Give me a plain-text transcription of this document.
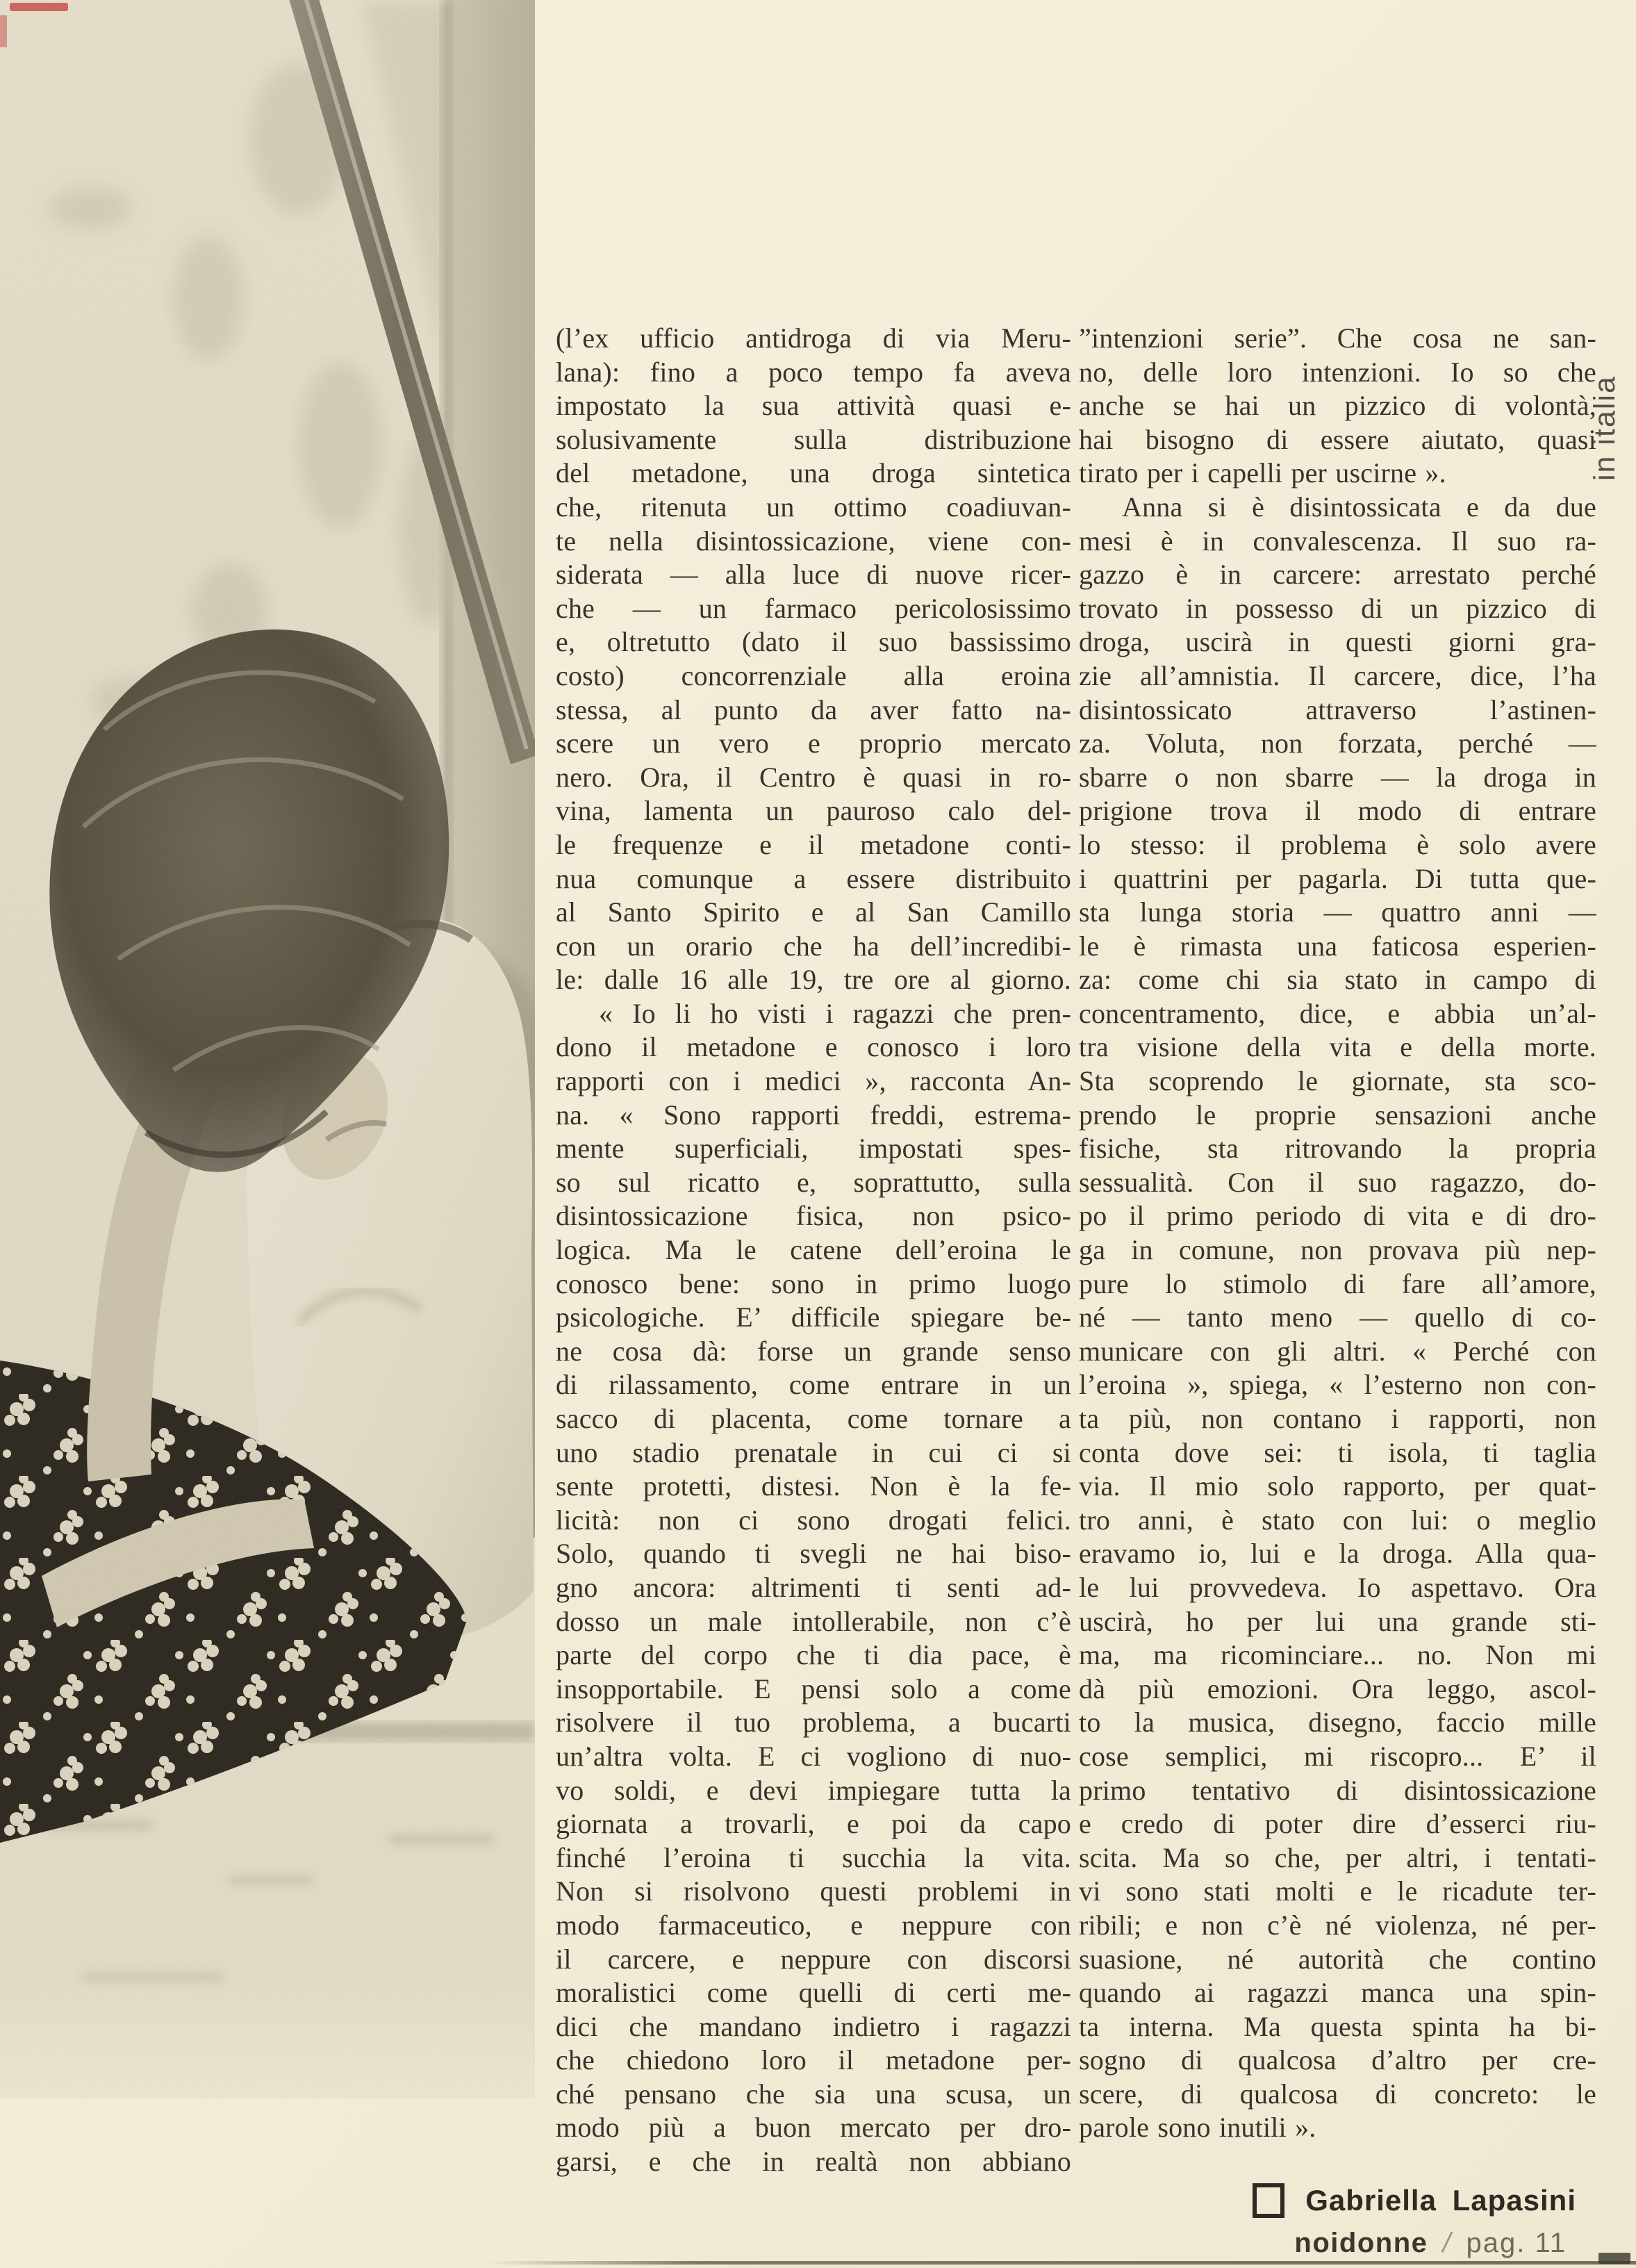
(l’ex ufficio antidroga di via Meru-
lana): fino a poco tempo fa aveva
impostato la sua attività quasi e-
solusivamente sulla distribuzione
del metadone, una droga sintetica
che, ritenuta un ottimo coadiuvan-
te nella disintossicazione, viene con-
siderata — alla luce di nuove ricer-
che — un farmaco pericolosissimo
e, oltretutto (dato il suo bassissimo
costo) concorrenziale alla eroina
stessa, al punto da aver fatto na-
scere un vero e proprio mercato
nero. Ora, il Centro è quasi in ro-
vina, lamenta un pauroso calo del-
le frequenze e il metadone conti-
nua comunque a essere distribuito
al Santo Spirito e al San Camillo
con un orario che ha dell’incredibi-
le: dalle 16 alle 19, tre ore al giorno.
« Io li ho visti i ragazzi che pren-
dono il metadone e conosco i loro
rapporti con i medici », racconta An-
na. « Sono rapporti freddi, estrema-
mente superficiali, impostati spes-
so sul ricatto e, soprattutto, sulla
disintossicazione fisica, non psico-
logica. Ma le catene dell’eroina le
conosco bene: sono in primo luogo
psicologiche. E’ difficile spiegare be-
ne cosa dà: forse un grande senso
di rilassamento, come entrare in un
sacco di placenta, come tornare a
uno stadio prenatale in cui ci si
sente protetti, distesi. Non è la fe-
licità: non ci sono drogati felici.
Solo, quando ti svegli ne hai biso-
gno ancora: altrimenti ti senti ad-
dosso un male intollerabile, non c’è
parte del corpo che ti dia pace, è
insopportabile. E pensi solo a come
risolvere il tuo problema, a bucarti
un’altra volta. E ci vogliono di nuo-
vo soldi, e devi impiegare tutta la
giornata a trovarli, e poi da capo
finché l’eroina ti succhia la vita.
Non si risolvono questi problemi in
modo farmaceutico, e neppure con
il carcere, e neppure con discorsi
moralistici come quelli di certi me-
dici che mandano indietro i ragazzi
che chiedono loro il metadone per-
ché pensano che sia una scusa, un
modo più a buon mercato per dro-
garsi, e che in realtà non abbiano
”intenzioni serie”. Che cosa ne san-
no, delle loro intenzioni. Io so che
anche se hai un pizzico di volontà,
hai bisogno di essere aiutato, quasi
tirato per i capelli per uscirne ».
Anna si è disintossicata e da due
mesi è in convalescenza. Il suo ra-
gazzo è in carcere: arrestato perché
trovato in possesso di un pizzico di
droga, uscirà in questi giorni gra-
zie all’amnistia. Il carcere, dice, l’ha
disintossicato attraverso l’astinen-
za. Voluta, non forzata, perché —
sbarre o non sbarre — la droga in
prigione trova il modo di entrare
lo stesso: il problema è solo avere
i quattrini per pagarla. Di tutta que-
sta lunga storia — quattro anni —
le è rimasta una faticosa esperien-
za: come chi sia stato in campo di
concentramento, dice, e abbia un’al-
tra visione della vita e della morte.
Sta scoprendo le giornate, sta sco-
prendo le proprie sensazioni anche
fisiche, sta ritrovando la propria
sessualità. Con il suo ragazzo, do-
po il primo periodo di vita e di dro-
ga in comune, non provava più nep-
pure lo stimolo di fare all’amore,
né — tanto meno — quello di co-
municare con gli altri. « Perché con
l’eroina », spiega, « l’esterno non con-
ta più, non contano i rapporti, non
conta dove sei: ti isola, ti taglia
via. Il mio solo rapporto, per quat-
tro anni, è stato con lui: o meglio
eravamo io, lui e la droga. Alla qua-
le lui provvedeva. Io aspettavo. Ora
uscirà, ho per lui una grande sti-
ma, ma ricominciare... no. Non mi
dà più emozioni. Ora leggo, ascol-
to la musica, disegno, faccio mille
cose semplici, mi riscopro... E’ il
primo tentativo di disintossicazione
e credo di poter dire d’esserci riu-
scita. Ma so che, per altri, i tentati-
vi sono stati molti e le ricadute ter-
ribili; e non c’è né violenza, né per-
suasione, né autorità che contino
quando ai ragazzi manca una spin-
ta interna. Ma questa spinta ha bi-
sogno di qualcosa d’altro per cre-
scere, di qualcosa di concreto: le
parole sono inutili ».
in italia
Gabriella Lapasini
noidonne / pag. 11
